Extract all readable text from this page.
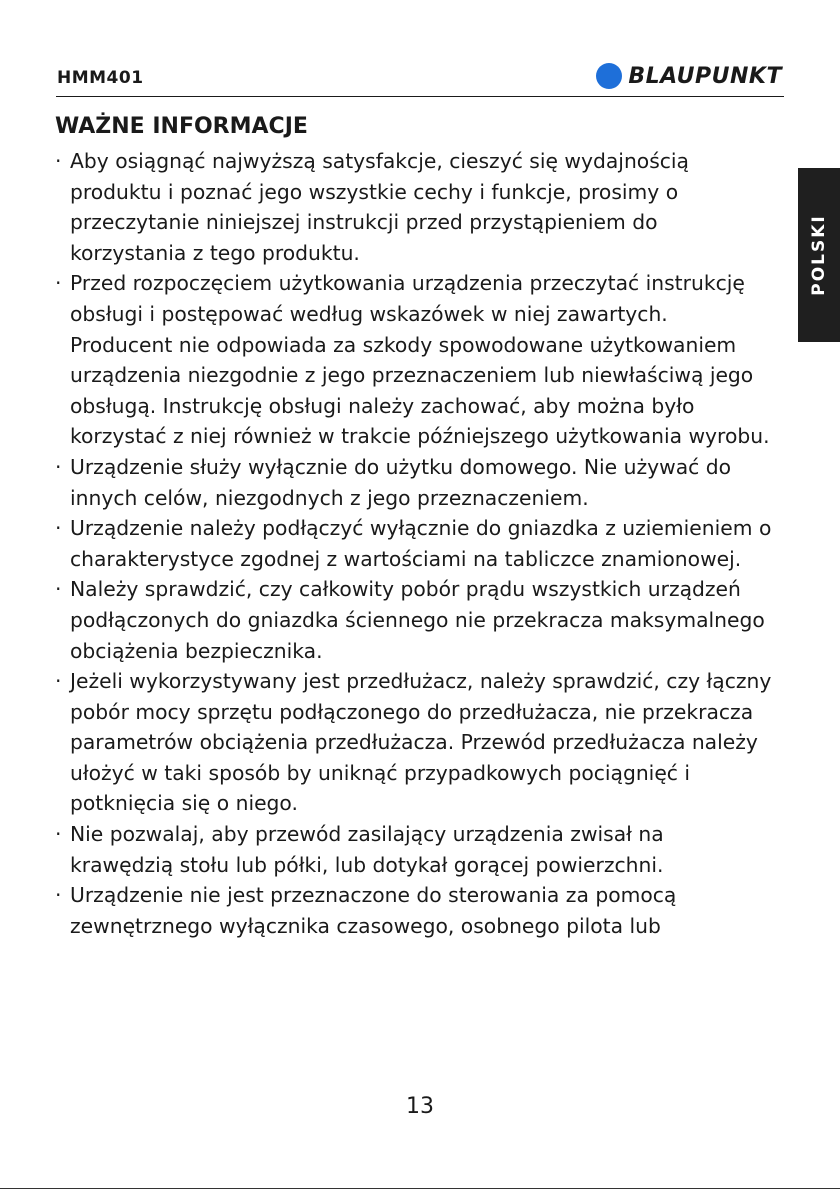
HMM401	BLAUPUNKT
WAŻNE INFORMACJE
· Aby osiągnąć najwyższą satysfakcje, cieszyć się wydajnością produktu i poznać jego wszystkie cechy i funkcje, prosimy o przeczytanie niniejszej instrukcji przed przystąpieniem do korzystania z tego produktu.
· Przed rozpoczęciem użytkowania urządzenia przeczytać instrukcję obsługi i postępować według wskazówek w niej zawartych. Producent nie odpowiada za szkody spowodowane użytkowaniem urządzenia niezgodnie z jego przeznaczeniem lub niewłaściwą jego obsługą. Instrukcję obsługi należy zachować, aby można było korzystać z niej również w trakcie późniejszego użytkowania wyrobu.
· Urządzenie służy wyłącznie do użytku domowego. Nie używać do innych celów, niezgodnych z jego przeznaczeniem.
· Urządzenie należy podłączyć wyłącznie do gniazdka z uziemieniem o charakterystyce zgodnej z wartościami na tabliczce znamionowej.
· Należy sprawdzić, czy całkowity pobór prądu wszystkich urządzeń podłączonych do gniazdka ściennego nie przekracza maksymalnego obciążenia bezpiecznika.
· Jeżeli wykorzystywany jest przedłużacz, należy sprawdzić, czy łączny pobór mocy sprzętu podłączonego do przedłużacza, nie przekracza parametrów obciążenia przedłużacza. Przewód przedłużacza należy ułożyć w taki sposób by uniknąć przypadkowych pociągnięć i potknięcia się o niego.
· Nie pozwalaj, aby przewód zasilający urządzenia zwisał na krawędzią stołu lub półki, lub dotykał gorącej powierzchni.
· Urządzenie nie jest przeznaczone do sterowania za pomocą zewnętrznego wyłącznika czasowego, osobnego pilota lub
POLSKI
13
